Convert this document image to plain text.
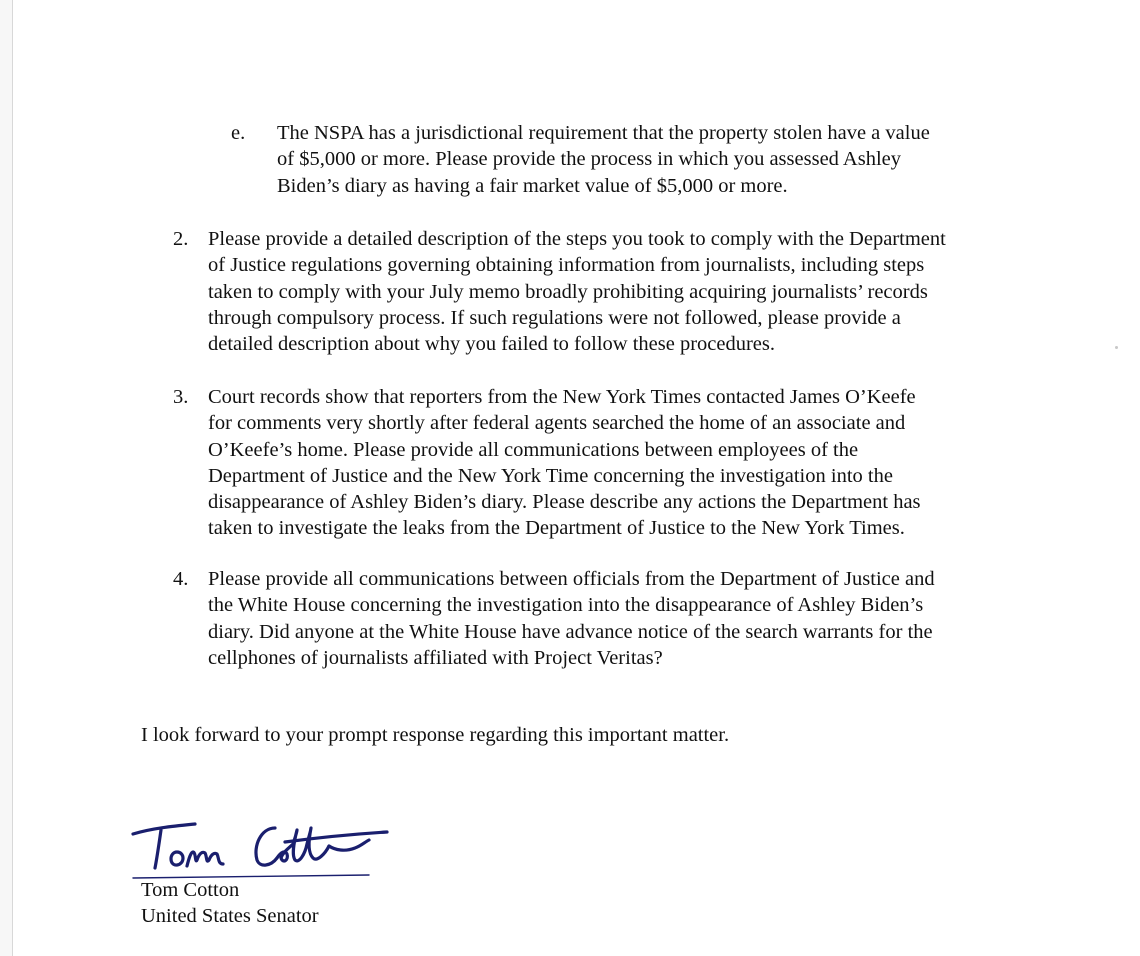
e. The NSPA has a jurisdictional requirement that the property stolen have a value
of $5,000 or more. Please provide the process in which you assessed Ashley
Biden’s diary as having a fair market value of $5,000 or more.
2. Please provide a detailed description of the steps you took to comply with the Department
of Justice regulations governing obtaining information from journalists, including steps
taken to comply with your July memo broadly prohibiting acquiring journalists’ records
through compulsory process. If such regulations were not followed, please provide a
detailed description about why you failed to follow these procedures.
3. Court records show that reporters from the New York Times contacted James O’Keefe
for comments very shortly after federal agents searched the home of an associate and
O’Keefe’s home. Please provide all communications between employees of the
Department of Justice and the New York Time concerning the investigation into the
disappearance of Ashley Biden’s diary. Please describe any actions the Department has
taken to investigate the leaks from the Department of Justice to the New York Times.
4. Please provide all communications between officials from the Department of Justice and
the White House concerning the investigation into the disappearance of Ashley Biden’s
diary. Did anyone at the White House have advance notice of the search warrants for the
cellphones of journalists affiliated with Project Veritas?
I look forward to your prompt response regarding this important matter.
Tom Cotton
United States Senator
